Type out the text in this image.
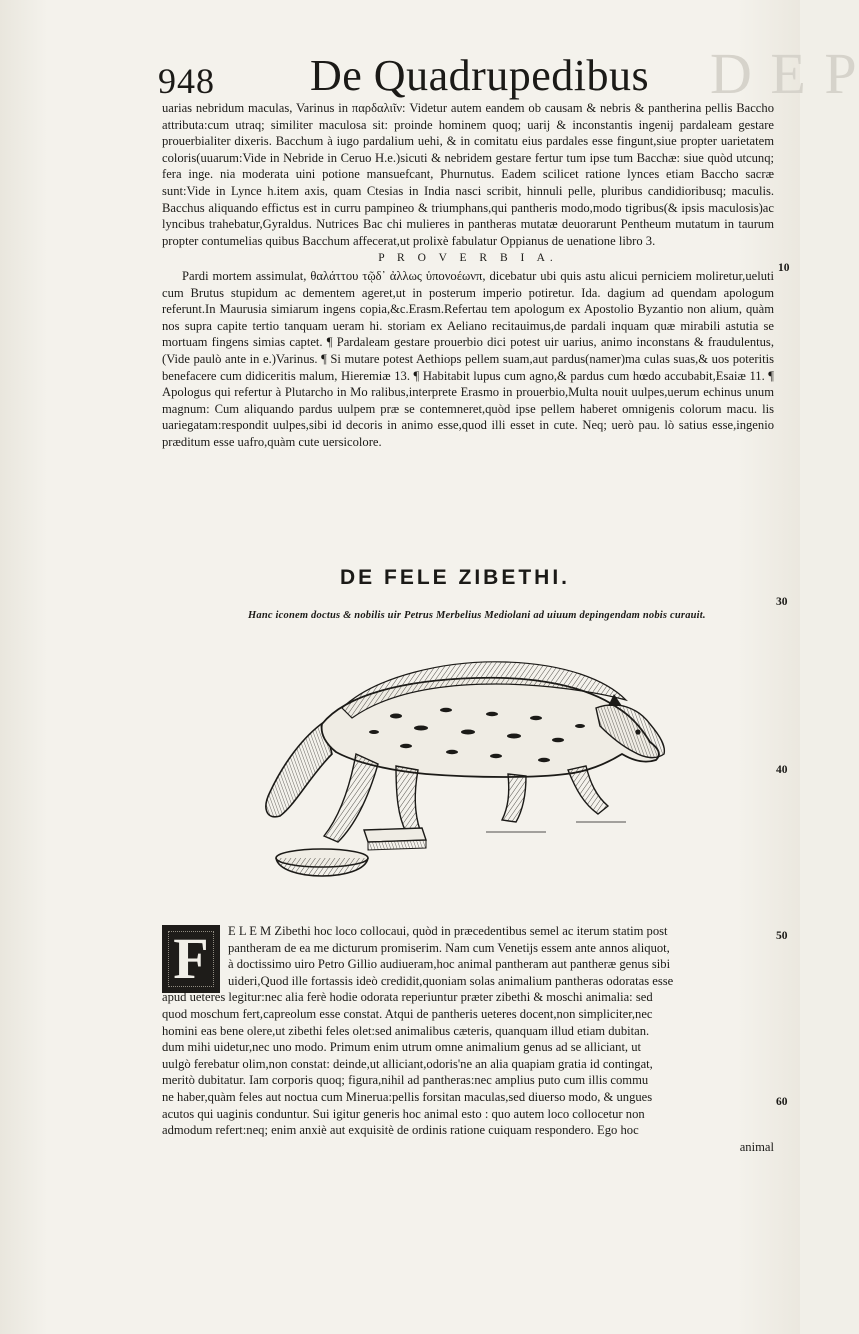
D E P
948 De Quadrupedibus

uarias nebridum maculas, Varinus in παρδαλιῖν: Videtur autem eandem ob causam & nebris & pantherina pellis Baccho attributa:cum utraq; similiter maculosa sit: proinde hominem quoq; uarij & inconstantis ingenij pardaleam gestare prouerbialiter dixeris. Bacchum à iugo pardalium uehi, & in comitatu eius pardales esse fingunt,siue propter uarietatem coloris(uuarum:Vide in Nebride in Ceruo H.e.)sicuti & nebridem gestare fertur tum ipse tum Bacchæ: siue quòd utcunq; fera inge. nia moderata uini potione mansuefcant, Phurnutus. Eadem scilicet ratione lynces etiam Baccho sacræ sunt:Vide in Lynce h.item axis, quam Ctesias in India nasci scribit, hinnuli pelle, pluribus candidioribusq; maculis. Bacchus aliquando effictus est in curru pampineo & triumphans,qui pantheris modo,modo tigribus(& ipsis maculosis)ac lyncibus trahebatur,Gyraldus. Nutrices Bac chi mulieres in pantheras mutatæ deuorarunt Pentheum mutatum in taurum propter contumelias quibus Bacchum affecerat,ut prolixè fabulatur Oppianus de uenatione libro 3.

P R O V E R B I A.

Pardi mortem assimulat, θαλάττου τῷδ᾽ ἀλλως ὑπονοέωνπ, dicebatur ubi quis astu alicui perniciem moliretur,ueluti cum Brutus stupidum ac dementem ageret,ut in posterum imperio potiretur. Ida. dagium ad quendam apologum referunt.In Maurusia simiarum ingens copia,&c.Erasm.Refertau tem apologum ex Apostolio Byzantio non alium, quàm nos supra capite tertio tanquam ueram hi. storiam ex Aeliano recitauimus,de pardali inquam quæ mirabili astutia se mortuam fingens simias captet. ¶ Pardaleam gestare prouerbio dici potest uir uarius, animo inconstans & fraudulentus, (Vide paulò ante in e.)Varinus. ¶ Si mutare potest Aethiops pellem suam,aut pardus(namer)ma culas suas,& uos poteritis benefacere cum didiceritis malum, Hieremiæ 13. ¶ Habitabit lupus cum agno,& pardus cum hœdo accubabit,Esaiæ 11. ¶ Apologus qui refertur à Plutarcho in Mo ralibus,interprete Erasmo in prouerbio,Multa nouit uulpes,uerum echinus unum magnum: Cum aliquando pardus uulpem præ se contemneret,quòd ipse pellem haberet omnigenis colorum macu. lis uariegatam:respondit uulpes,sibi id decoris in animo esse,quod illi esset in cute. Neq; uerò pau. lò satius esse,ingenio præditum esse uafro,quàm cute uersicolore.

10
30
40
50
60
DE FELE ZIBETHI.
Hanc iconem doctus & nobilis uir Petrus Merbelius Mediolani ad uiuum depingendam nobis curauit.
F	E L E M Zibethi hoc loco collocaui, quòd in præcedentibus semel ac iterum statim post
pantheram de ea me dicturum promiserim. Nam cum Venetijs essem ante annos aliquot,
à doctissimo uiro Petro Gillio audiueram,hoc animal pantheram aut pantheræ genus sibi
uideri,Quod ille fortassis ideò credidit,quoniam solas animalium pantheras odoratas esse
apud ueteres legitur:nec alia ferè hodie odorata reperiuntur præter zibethi & moschi animalia: sed
quod moschum fert,capreolum esse constat. Atqui de pantheris ueteres docent,non simpliciter,nec
homini eas bene olere,ut zibethi feles olet:sed animalibus cæteris, quanquam illud etiam dubitan.
dum mihi uidetur,nec uno modo. Primum enim utrum omne animalium genus ad se alliciant, ut
uulgò ferebatur olim,non constat: deinde,ut alliciant,odoris'ne an alia quapiam gratia id contingat,
meritò dubitatur. Iam corporis quoq; figura,nihil ad pantheras:nec amplius puto cum illis commu
ne haber,quàm feles aut noctua cum Minerua:pellis forsitan maculas,sed diuerso modo, & ungues
acutos qui uaginis conduntur. Sui igitur generis hoc animal esto : quo autem loco collocetur non
admodum refert:neq; enim anxiè aut exquisitè de ordinis ratione cuiquam respondero. Ego hoc
animal
